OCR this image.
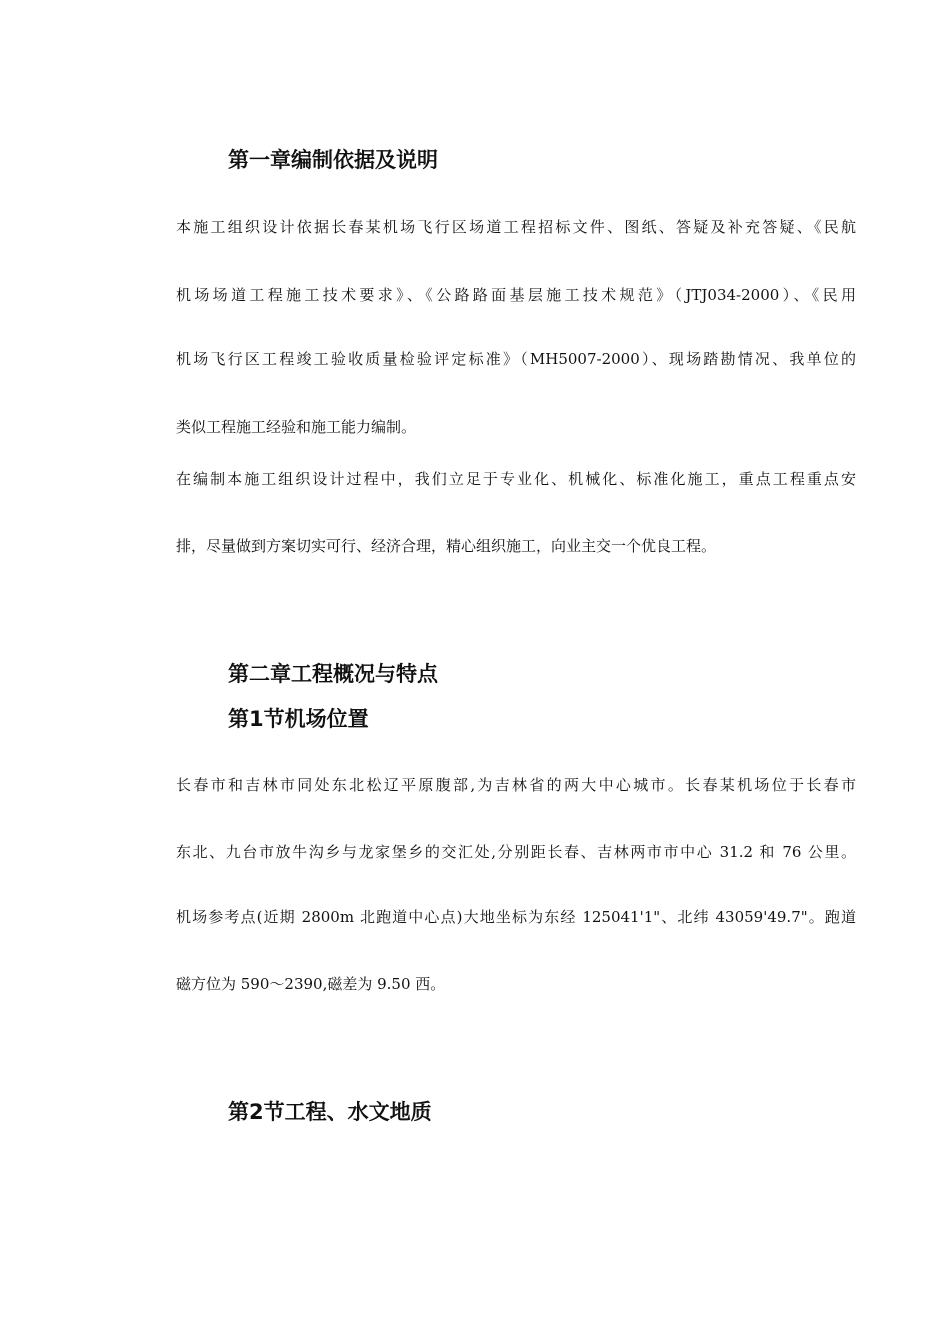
第一章编制依据及说明

本施工组织设计依据长春某机场飞行区场道工程招标文件、图纸、答疑及补充答疑、《民航

机场场道工程施工技术要求》、《公路路面基层施工技术规范》（JTJ034-2000）、《民用

机场飞行区工程竣工验收质量检验评定标准》（MH5007-2000）、现场踏勘情况、我单位的

类似工程施工经验和施工能力编制。

在编制本施工组织设计过程中，我们立足于专业化、机械化、标准化施工，重点工程重点安

排，尽量做到方案切实可行、经济合理，精心组织施工，向业主交一个优良工程。

第二章工程概况与特点
第1节机场位置

长春市和吉林市同处东北松辽平原腹部,为吉林省的两大中心城市。长春某机场位于长春市

东北、九台市放牛沟乡与龙家堡乡的交汇处,分别距长春、吉林两市市中心 31.2 和 76 公里。

机场参考点(近期 2800m 北跑道中心点)大地坐标为东经 125041'1"、北纬 43059'49.7"。跑道

磁方位为 590～2390,磁差为 9.50 西。

第2节工程、水文地质
